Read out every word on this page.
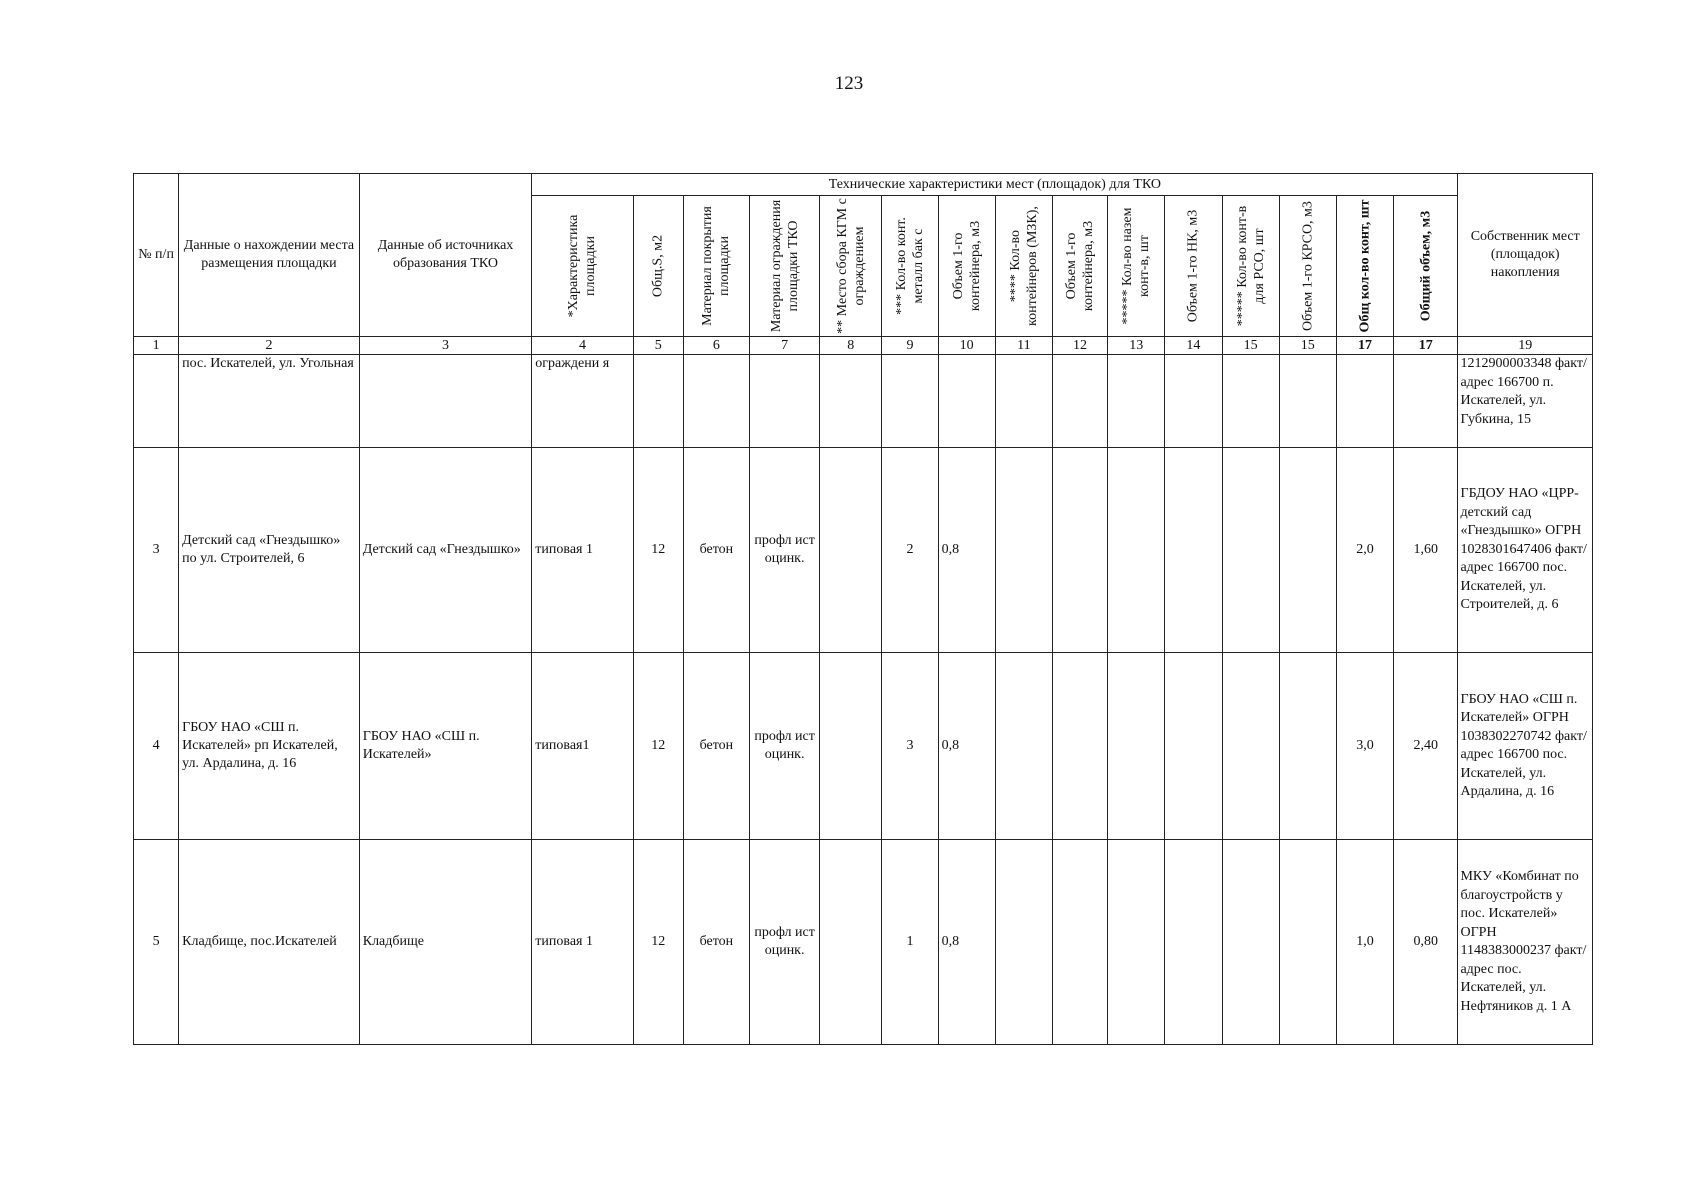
123
№ п/п	Данные о нахождении места размещения площадки	Данные об источниках образования ТКО	Технические характеристики мест (площадок) для ТКО															Собственник мест (площадок) накопления

			*Характеристика площадки	Общ.S, м2	Материал покрытия площадки	Материал ограждения площадки ТКО	** Место сбора КГМ с ограждением	*** Кол-во конт. металл бак с	Объем 1-го контейнера, м3	**** Кол-во контейнеров (МЗК),	Объем 1-го контейнера, м3	***** Кол-во назем конт-в, шт	Объем 1-го НК, м3	***** Кол-во конт-в для РСО, шт	Объем 1-го КРСО, м3	Общ кол-во конт, шт	Общий объем, м3	

1	2	3	4	5	6	7	8	9	10	11	12	13	14	15	15	17	17	19
	пос. Искателей, ул. Угольная		ограждени я															1212900003348 факт/адрес 166700 п. Искателей, ул. Губкина, 15
3	Детский сад «Гнездышко» по ул. Строителей, 6	Детский сад «Гнездышко»	типовая 1	12	бетон	профл ист оцинк.		2	0,8							2,0	1,60	ГБДОУ НАО «ЦРР-детский сад «Гнездышко» ОГРН 1028301647406 факт/адрес 166700 пос. Искателей, ул. Строителей, д. 6
4	ГБОУ НАО «СШ п. Искателей» рп Искателей, ул. Ардалина, д. 16	ГБОУ НАО «СШ п. Искателей»	типовая1	12	бетон	профл ист оцинк.		3	0,8							3,0	2,40	ГБОУ НАО «СШ п. Искателей» ОГРН 1038302270742 факт/адрес 166700 пос. Искателей, ул. Ардалина, д. 16
5	Кладбище, пос.Искателей	Кладбище	типовая 1	12	бетон	профл ист оцинк.		1	0,8							1,0	0,80	МКУ «Комбинат по благоустройств у пос. Искателей» ОГРН 1148383000237 факт/адрес пос. Искателей, ул. Нефтяников д. 1 А
